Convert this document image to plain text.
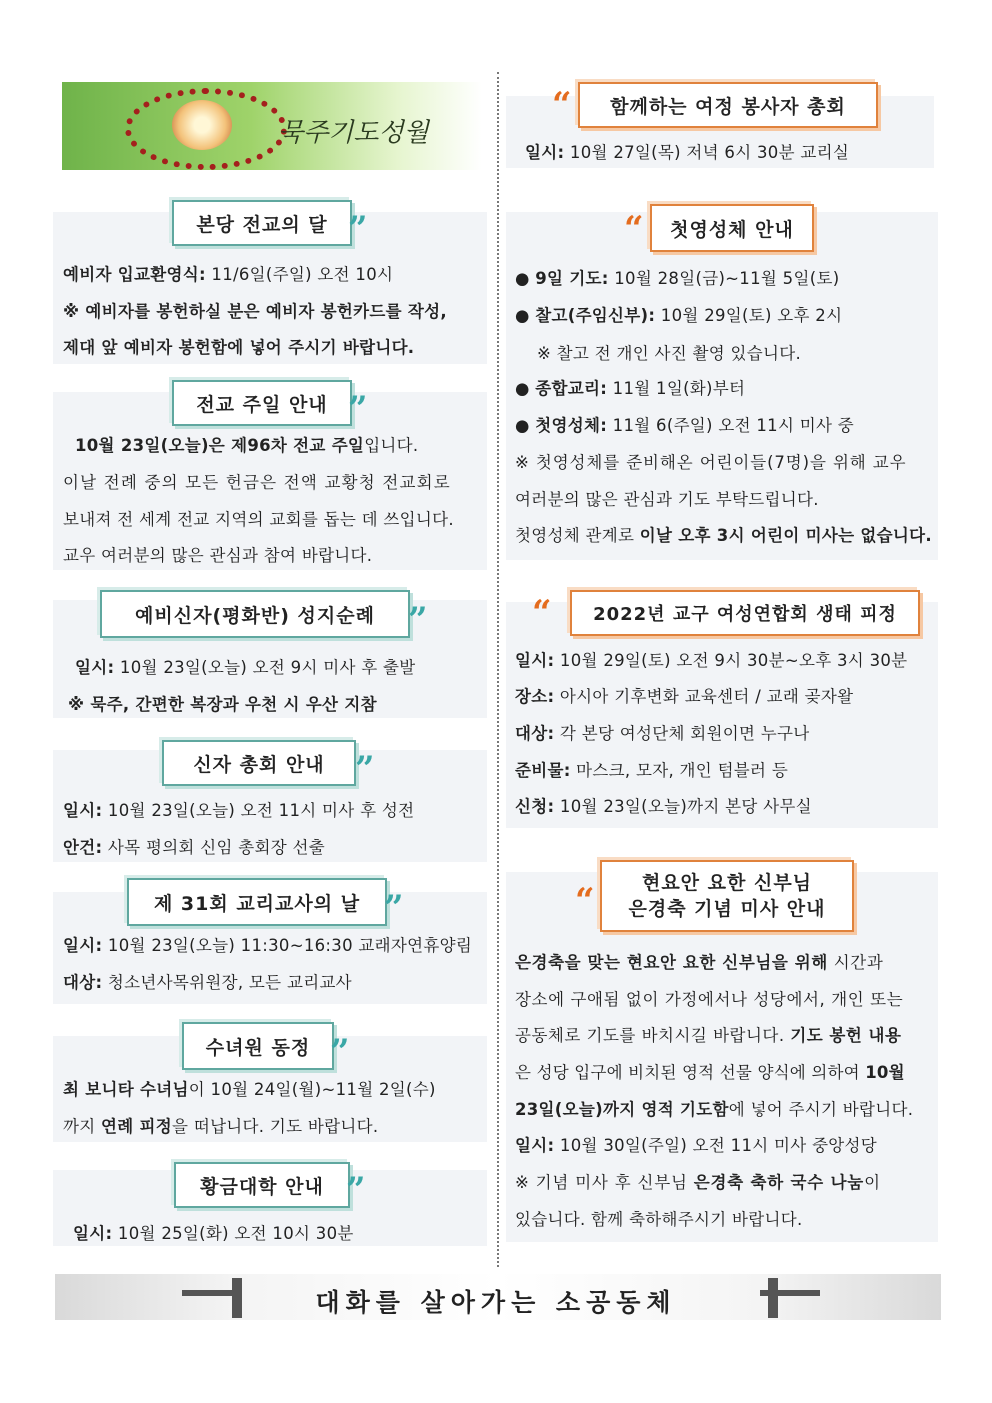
묵주기도성월
본당 전교의 달 ”
예비자 입교환영식: 11/6일(주일) 오전 10시
※ 예비자를 봉헌하실 분은 예비자 봉헌카드를 작성,
제대 앞 예비자 봉헌함에 넣어 주시기 바랍니다.
전교 주일 안내 ”
10월 23일(오늘)은 제96차 전교 주일입니다.
이날 전례 중의 모든 헌금은 전액 교황청 전교회로
보내져 전 세계 전교 지역의 교회를 돕는 데 쓰입니다.
교우 여러분의 많은 관심과 참여 바랍니다.
예비신자(평화반) 성지순례 ”
일시: 10월 23일(오늘) 오전 9시 미사 후 출발
※ 묵주, 간편한 복장과 우천 시 우산 지참
신자 총회 안내 ”
일시: 10월 23일(오늘) 오전 11시 미사 후 성전
안건: 사목 평의회 신임 총회장 선출
제 31회 교리교사의 날 ”
일시: 10월 23일(오늘) 11:30~16:30 교래자연휴양림
대상: 청소년사목위원장, 모든 교리교사
수녀원 동정 ”
최 보니타 수녀님이 10월 24일(월)~11월 2일(수)
까지 연례 피정을 떠납니다. 기도 바랍니다.
황금대학 안내 ”
일시: 10월 25일(화) 오전 10시 30분
함께하는 여정 봉사자 총회
“
일시: 10월 27일(목) 저녁 6시 30분 교리실
첫영성체 안내
“
● 9일 기도: 10월 28일(금)~11월 5일(토)
● 찰고(주임신부): 10월 29일(토) 오후 2시
※ 찰고 전 개인 사진 촬영 있습니다.
● 종합교리: 11월 1일(화)부터
● 첫영성체: 11월 6(주일) 오전 11시 미사 중
※ 첫영성체를 준비해온 어린이들(7명)을 위해 교우
여러분의 많은 관심과 기도 부탁드립니다.
첫영성체 관계로 이날 오후 3시 어린이 미사는 없습니다.
2022년 교구 여성연합회 생태 피정
“
일시: 10월 29일(토) 오전 9시 30분~오후 3시 30분
장소: 아시아 기후변화 교육센터 / 교래 곶자왈
대상: 각 본당 여성단체 회원이면 누구나
준비물: 마스크, 모자, 개인 텀블러 등
신청: 10월 23일(오늘)까지 본당 사무실
현요안 요한 신부님
은경축 기념 미사 안내
“
은경축을 맞는 현요안 요한 신부님을 위해 시간과
장소에 구애됨 없이 가정에서나 성당에서, 개인 또는
공동체로 기도를 바치시길 바랍니다. 기도 봉헌 내용
은 성당 입구에 비치된 영적 선물 양식에 의하여 10월
23일(오늘)까지 영적 기도함에 넣어 주시기 바랍니다.
일시: 10월 30일(주일) 오전 11시 미사 중앙성당
※ 기념 미사 후 신부님 은경축 축하 국수 나눔이
있습니다. 함께 축하해주시기 바랍니다.
대화를 살아가는 소공동체
